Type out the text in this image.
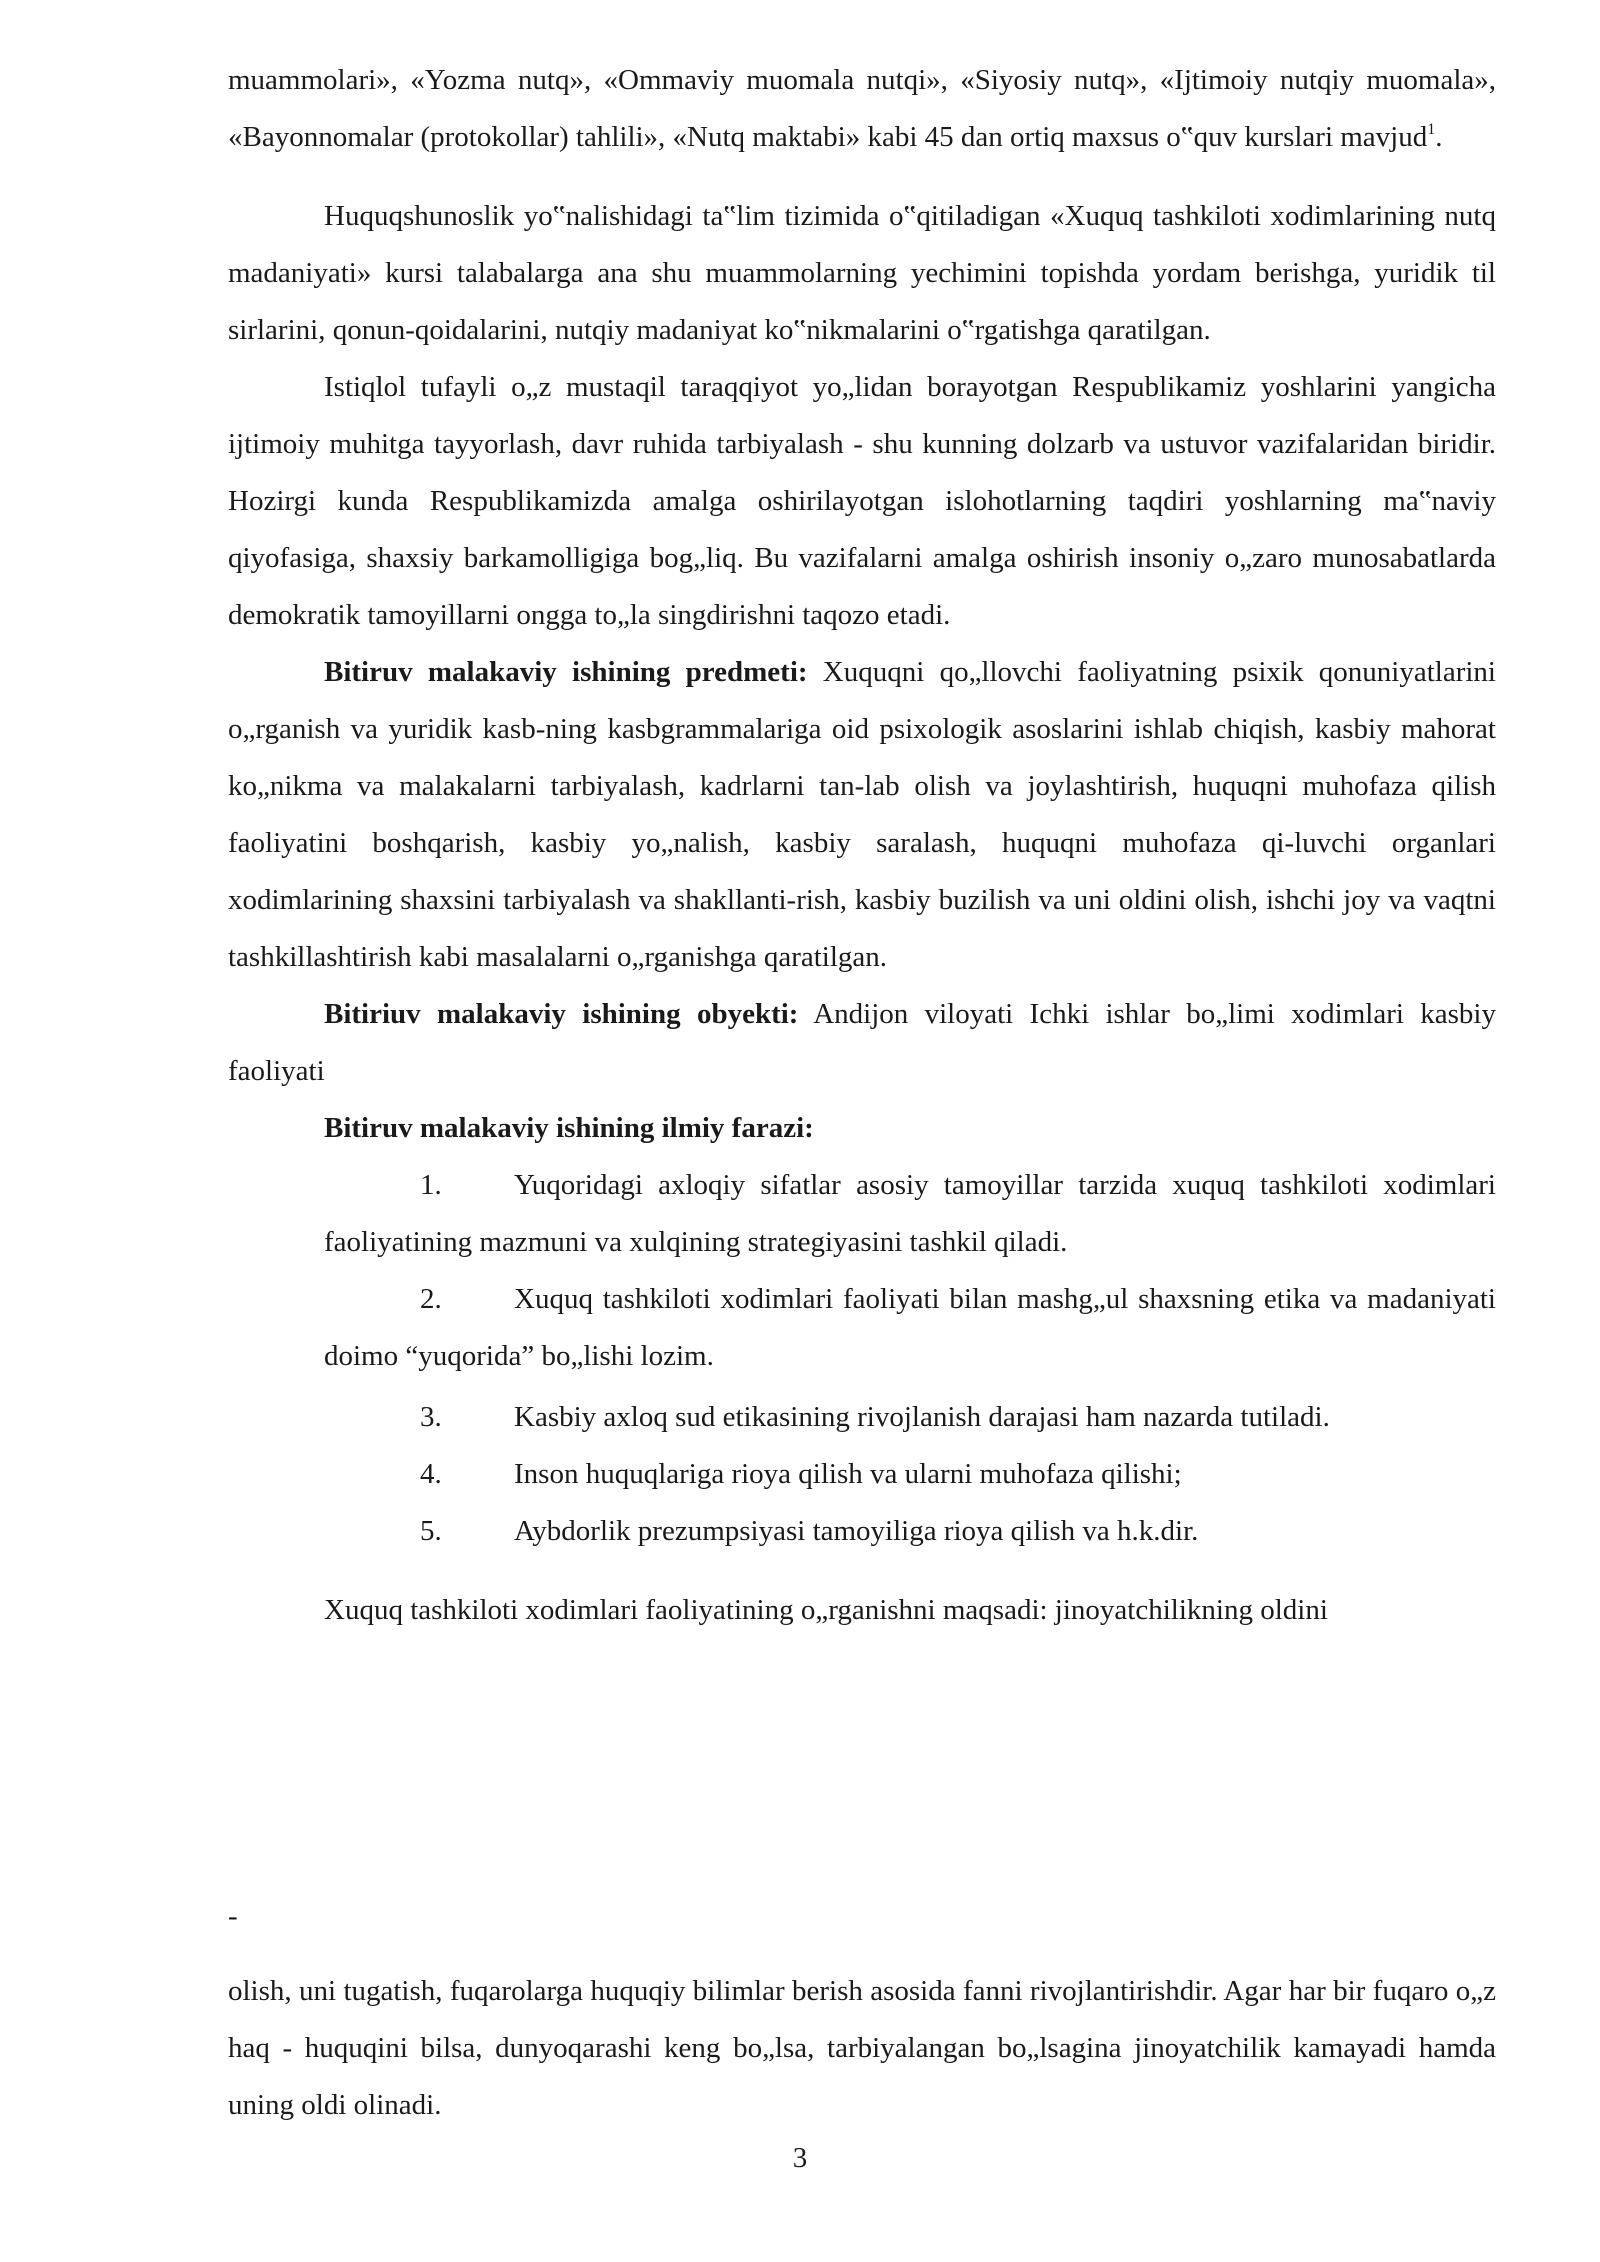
muammolari», «Yozma nutq», «Ommaviy muomala nutqi», «Siyosiy nutq», «Ijtimoiy nutqiy muomala», «Bayonnomalar (protokollar) tahlili», «Nutq maktabi» kabi 45 dan ortiq maxsus o‟quv kurslari mavjud$^1$.

Huquqshunoslik yo‟nalishidagi ta‟lim tizimida o‟qitiladigan «Xuquq tashkiloti xodimlarining nutq madaniyati» kursi talabalarga ana shu muammolarning yechimini topishda yordam berishga, yuridik til sirlarini, qonun-qoidalarini, nutqiy madaniyat ko‟nikmalarini o‟rgatishga qaratilgan.

Istiqlol tufayli o„z mustaqil taraqqiyot yo„lidan borayotgan Respublikamiz yoshlarini yangicha ijtimoiy muhitga tayyorlash, davr ruhida tarbiyalash - shu kunning dolzarb va ustuvor vazifalaridan biridir. Hozirgi kunda Respublikamizda amalga oshirilayotgan islohotlarning taqdiri yoshlarning ma‟naviy qiyofasiga, shaxsiy barkamolligiga bog„liq. Bu vazifalarni amalga oshirish insoniy o„zaro munosabatlarda demokratik tamoyillarni ongga to„la singdirishni taqozo etadi.

Bitiruv malakaviy ishining predmeti: Xuquqni qo„llovchi faoliyatning psixik qonuniyatlarini o„rganish va yuridik kasb-ning kasbgrammalariga oid psixologik asoslarini ishlab chiqish, kasbiy mahorat ko„nikma va malakalarni tarbiyalash, kadrlarni tan-lab olish va joylashtirish, huquqni muhofaza qilish faoliyatini boshqarish, kasbiy yo„nalish, kasbiy saralash, huquqni muhofaza qi-luvchi organlari xodimlarining shaxsini tarbiyalash va shakllanti-rish, kasbiy buzilish va uni oldini olish, ishchi joy va vaqtni tashkillashtirish kabi masalalarni o„rganishga qaratilgan.

Bitiriuv malakaviy ishining obyekti: Andijon viloyati Ichki ishlar bo„limi xodimlari kasbiy faoliyati

Bitiruv malakaviy ishining ilmiy farazi:

1.	Yuqoridagi axloqiy sifatlar asosiy tamoyillar tarzida xuquq tashkiloti xodimlari faoliyatining mazmuni va xulqining strategiyasini tashkil qiladi.
2.	Xuquq tashkiloti xodimlari faoliyati bilan mashg„ul shaxsning etika va madaniyati doimo “yuqorida” bo„lishi lozim.
3.	Kasbiy axloq sud etikasining rivojlanish darajasi ham nazarda tutiladi.
4.	Inson huquqlariga rioya qilish va ularni muhofaza qilishi;
5.	Aybdorlik prezumpsiyasi tamoyiliga rioya qilish va h.k.dir.

Xuquq tashkiloti xodimlari faoliyatining o„rganishni maqsadi: jinoyatchilikning oldini

-

olish, uni tugatish, fuqarolarga huquqiy bilimlar berish asosida fanni rivojlantirishdir. Agar har bir fuqaro o„z haq - huquqini bilsa, dunyoqarashi keng bo„lsa, tarbiyalangan bo„lsagina jinoyatchilik kamayadi hamda uning oldi olinadi.

3
